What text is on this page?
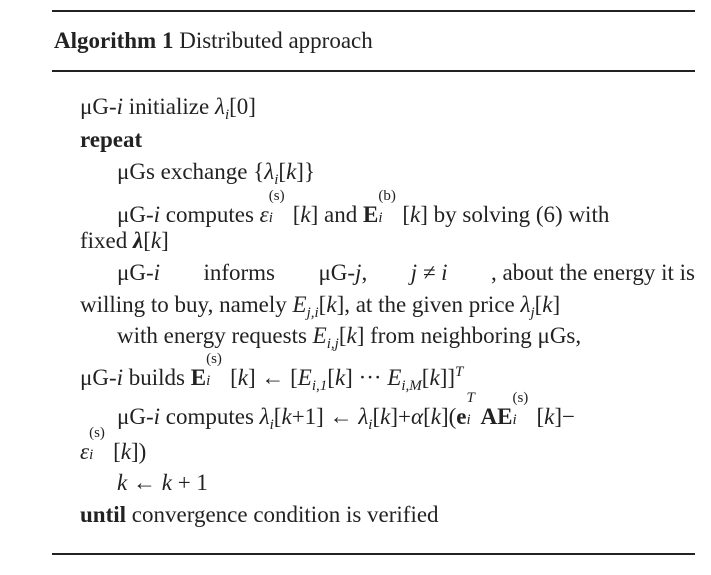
Algorithm 1 Distributed approach
μG-i initialize $\lambda_i[0]$
repeat
μGs exchange $\{\lambda_i[k]\}$
μG-i computes ε
(s)
i [k] and E
(b)
i [k] by solving (6) with
fixed λ[k]
μG-i informs μG-j, j ≠ i , about the energy it is
willing to buy, namely $E_{j,i}[k]$, at the given price $\lambda_j[k]$
with energy requests $E_{i,j}[k]$ from neighboring μGs,
μG-i builds E
(s)
i [k] ← [$E_{i,1}[k]$ ··· $E_{i,M}[k]]^T$
μG-i computes $\lambda_i[k+1]$ ← $\lambda_i[k]+\alpha[k](e$
T
i AE
(s)
i [k]−
ε
(s)
i [k])
k ← k + 1
until convergence condition is verified
